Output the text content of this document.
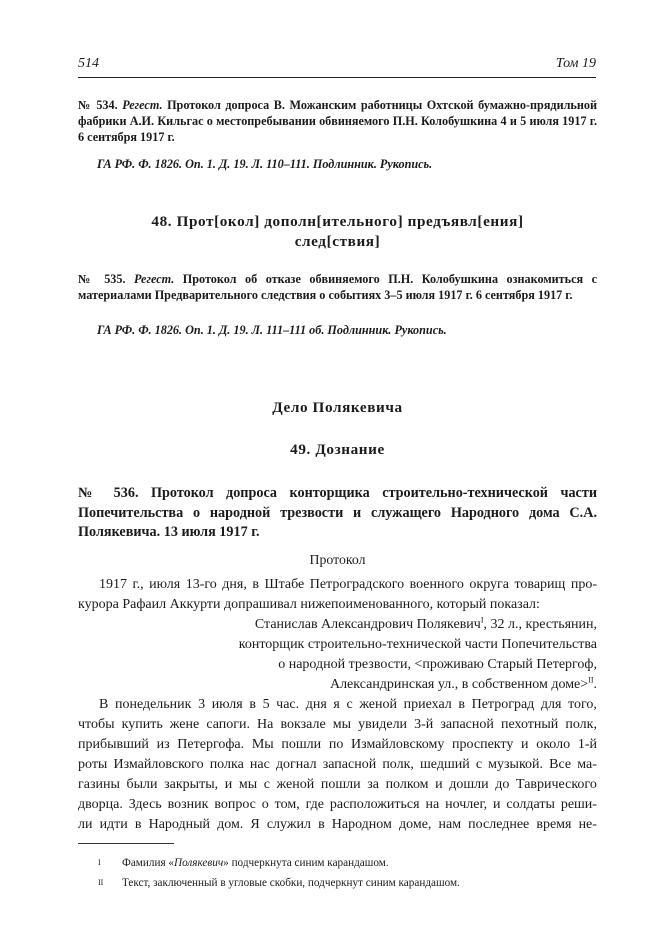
514	Том 19
№ 534. Регест. Протокол допроса В. Можанским работницы Охтской бумажно-прядильной фабрики А.И. Кильгас о местопребывании обвиняемого П.Н. Колобушкина 4 и 5 июля 1917 г. 6 сентября 1917 г.
ГА РФ. Ф. 1826. Оп. 1. Д. 19. Л. 110–111. Подлинник. Рукопись.
48. Прот[окол] дополн[ительного] предъявл[ения]
след[ствия]
№ 535. Регест. Протокол об отказе обвиняемого П.Н. Колобушкина ознакомиться с материалами Предварительного следствия о событиях 3–5 июля 1917 г. 6 сентября 1917 г.
ГА РФ. Ф. 1826. Оп. 1. Д. 19. Л. 111–111 об. Подлинник. Рукопись.
Дело Полякевича
49. Дознание
№ 536. Протокол допроса конторщика строительно-технической части Попечительства о народной трезвости и служащего Народного дома С.А. Полякевича. 13 июля 1917 г.
Протокол
1917 г., июля 13-го дня, в Штабе Петроградского военного округа товарищ про-
курора Рафаил Аккурти допрашивал нижепоименованного, который показал:
Станислав Александрович Полякевич$^I$, 32 л., крестьянин,
конторщик строительно-технической части Попечительства
о народной трезвости, <проживаю Старый Петергоф,
Александринская ул., в собственном доме>$^{II}$.
В понедельник 3 июля в 5 час. дня я с женой приехал в Петроград для того,
чтобы купить жене сапоги. На вокзале мы увидели 3-й запасной пехотный полк,
прибывший из Петергофа. Мы пошли по Измайловскому проспекту и около 1-й
роты Измайловского полка нас догнал запасной полк, шедший с музыкой. Все ма-
газины были закрыты, и мы с женой пошли за полком и дошли до Таврического
дворца. Здесь возник вопрос о том, где расположиться на ночлег, и солдаты реши-
ли идти в Народный дом. Я служил в Народном доме, нам последнее время не-
I Фамилия «Полякевич» подчеркнута синим карандашом.
II Текст, заключенный в угловые скобки, подчеркнут синим карандашом.
